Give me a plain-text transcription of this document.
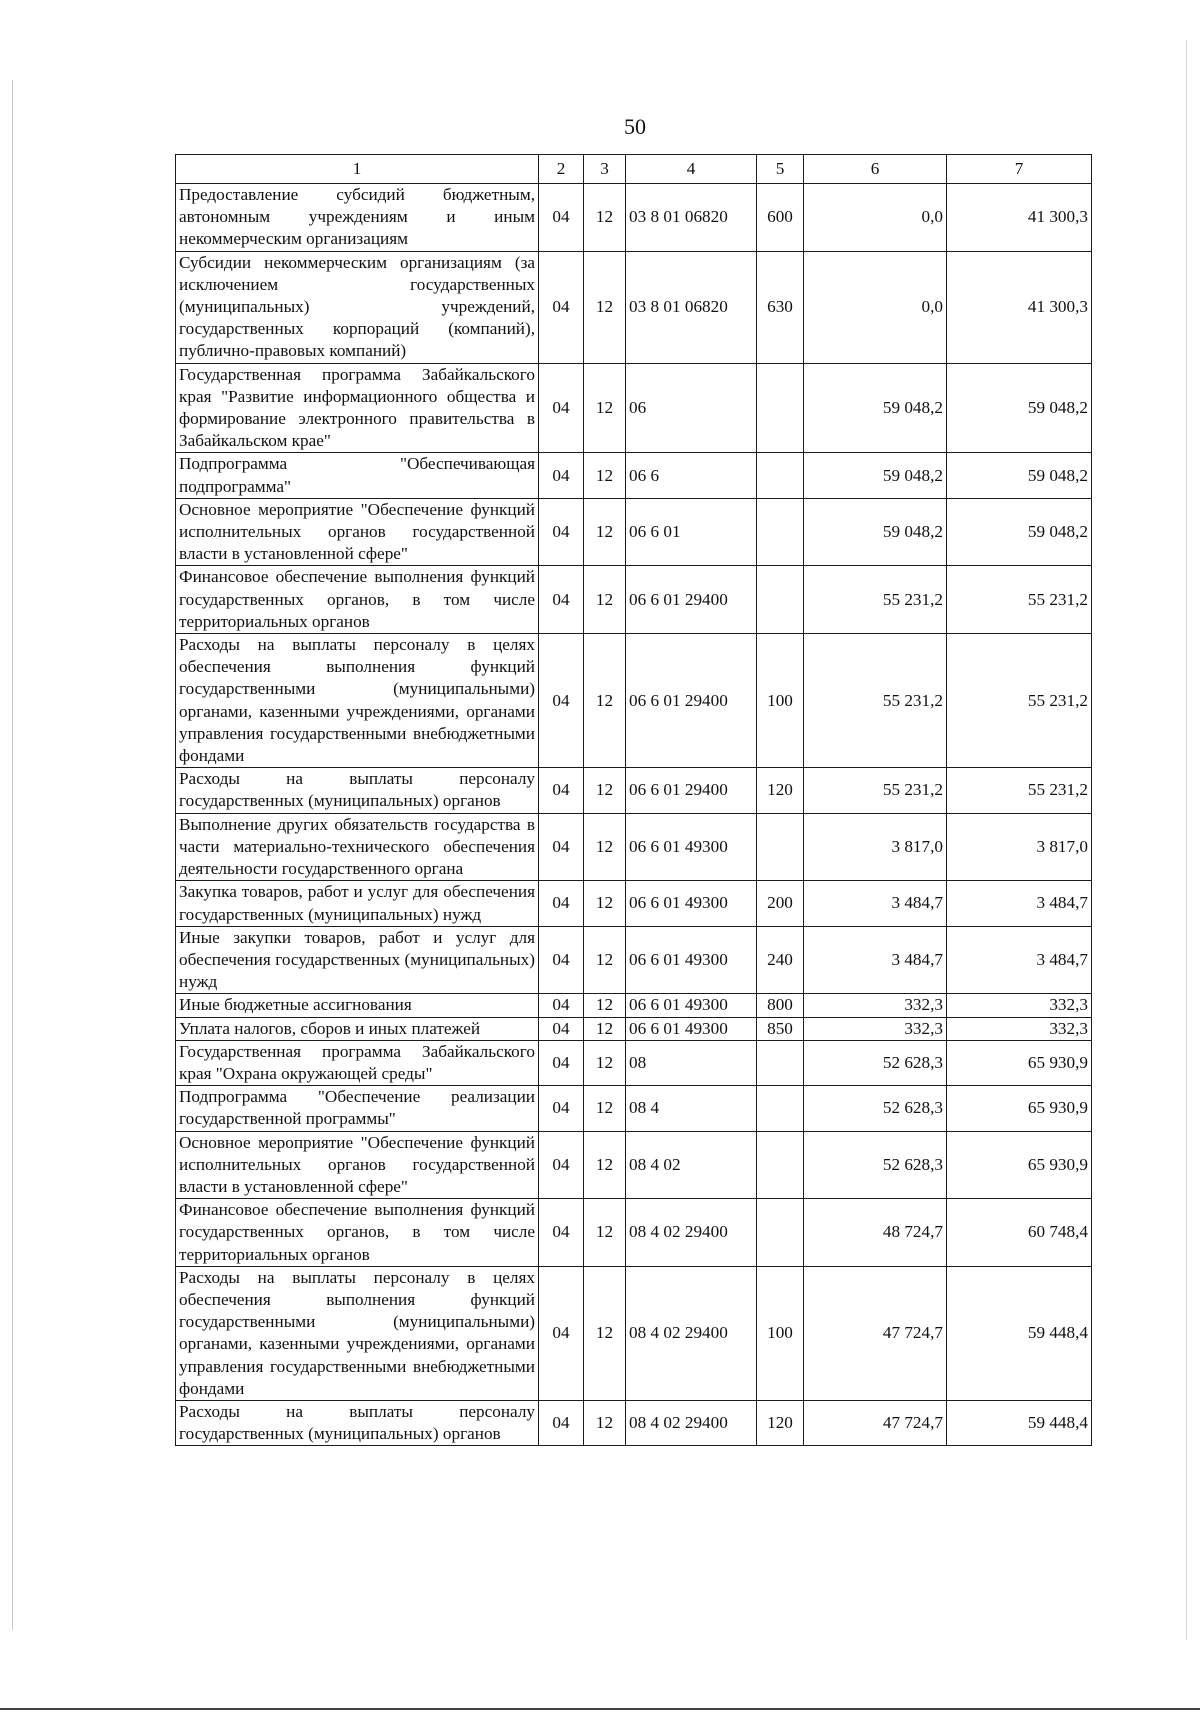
50
1	2	3	4	5	6	7
Предоставление субсидий бюджетным, автономным учреждениям и иным некоммерческим организациям	04	12	03 8 01 06820	600	0,0	41 300,3
Субсидии некоммерческим организациям (за исключением государственных (муниципальных) учреждений, государственных корпораций (компаний), публично-правовых компаний)	04	12	03 8 01 06820	630	0,0	41 300,3
Государственная программа Забайкальского края "Развитие информационного общества и формирование электронного правительства в Забайкальском крае"	04	12	06		59 048,2	59 048,2
Подпрограмма "Обеспечивающая подпрограмма"	04	12	06 6		59 048,2	59 048,2
Основное мероприятие "Обеспечение функций исполнительных органов государственной власти в установленной сфере"	04	12	06 6 01		59 048,2	59 048,2
Финансовое обеспечение выполнения функций государственных органов, в том числе территориальных органов	04	12	06 6 01 29400		55 231,2	55 231,2
Расходы на выплаты персоналу в целях обеспечения выполнения функций государственными (муниципальными) органами, казенными учреждениями, органами управления государственными внебюджетными фондами	04	12	06 6 01 29400	100	55 231,2	55 231,2
Расходы на выплаты персоналу государственных (муниципальных) органов	04	12	06 6 01 29400	120	55 231,2	55 231,2
Выполнение других обязательств государства в части материально-технического обеспечения деятельности государственного органа	04	12	06 6 01 49300		3 817,0	3 817,0
Закупка товаров, работ и услуг для обеспечения государственных (муниципальных) нужд	04	12	06 6 01 49300	200	3 484,7	3 484,7
Иные закупки товаров, работ и услуг для обеспечения государственных (муниципальных) нужд	04	12	06 6 01 49300	240	3 484,7	3 484,7
Иные бюджетные ассигнования	04	12	06 6 01 49300	800	332,3	332,3
Уплата налогов, сборов и иных платежей	04	12	06 6 01 49300	850	332,3	332,3
Государственная программа Забайкальского края "Охрана окружающей среды"	04	12	08		52 628,3	65 930,9
Подпрограмма "Обеспечение реализации государственной программы"	04	12	08 4		52 628,3	65 930,9
Основное мероприятие "Обеспечение функций исполнительных органов государственной власти в установленной сфере"	04	12	08 4 02		52 628,3	65 930,9
Финансовое обеспечение выполнения функций государственных органов, в том числе территориальных органов	04	12	08 4 02 29400		48 724,7	60 748,4
Расходы на выплаты персоналу в целях обеспечения выполнения функций государственными (муниципальными) органами, казенными учреждениями, органами управления государственными внебюджетными фондами	04	12	08 4 02 29400	100	47 724,7	59 448,4
Расходы на выплаты персоналу государственных (муниципальных) органов	04	12	08 4 02 29400	120	47 724,7	59 448,4
